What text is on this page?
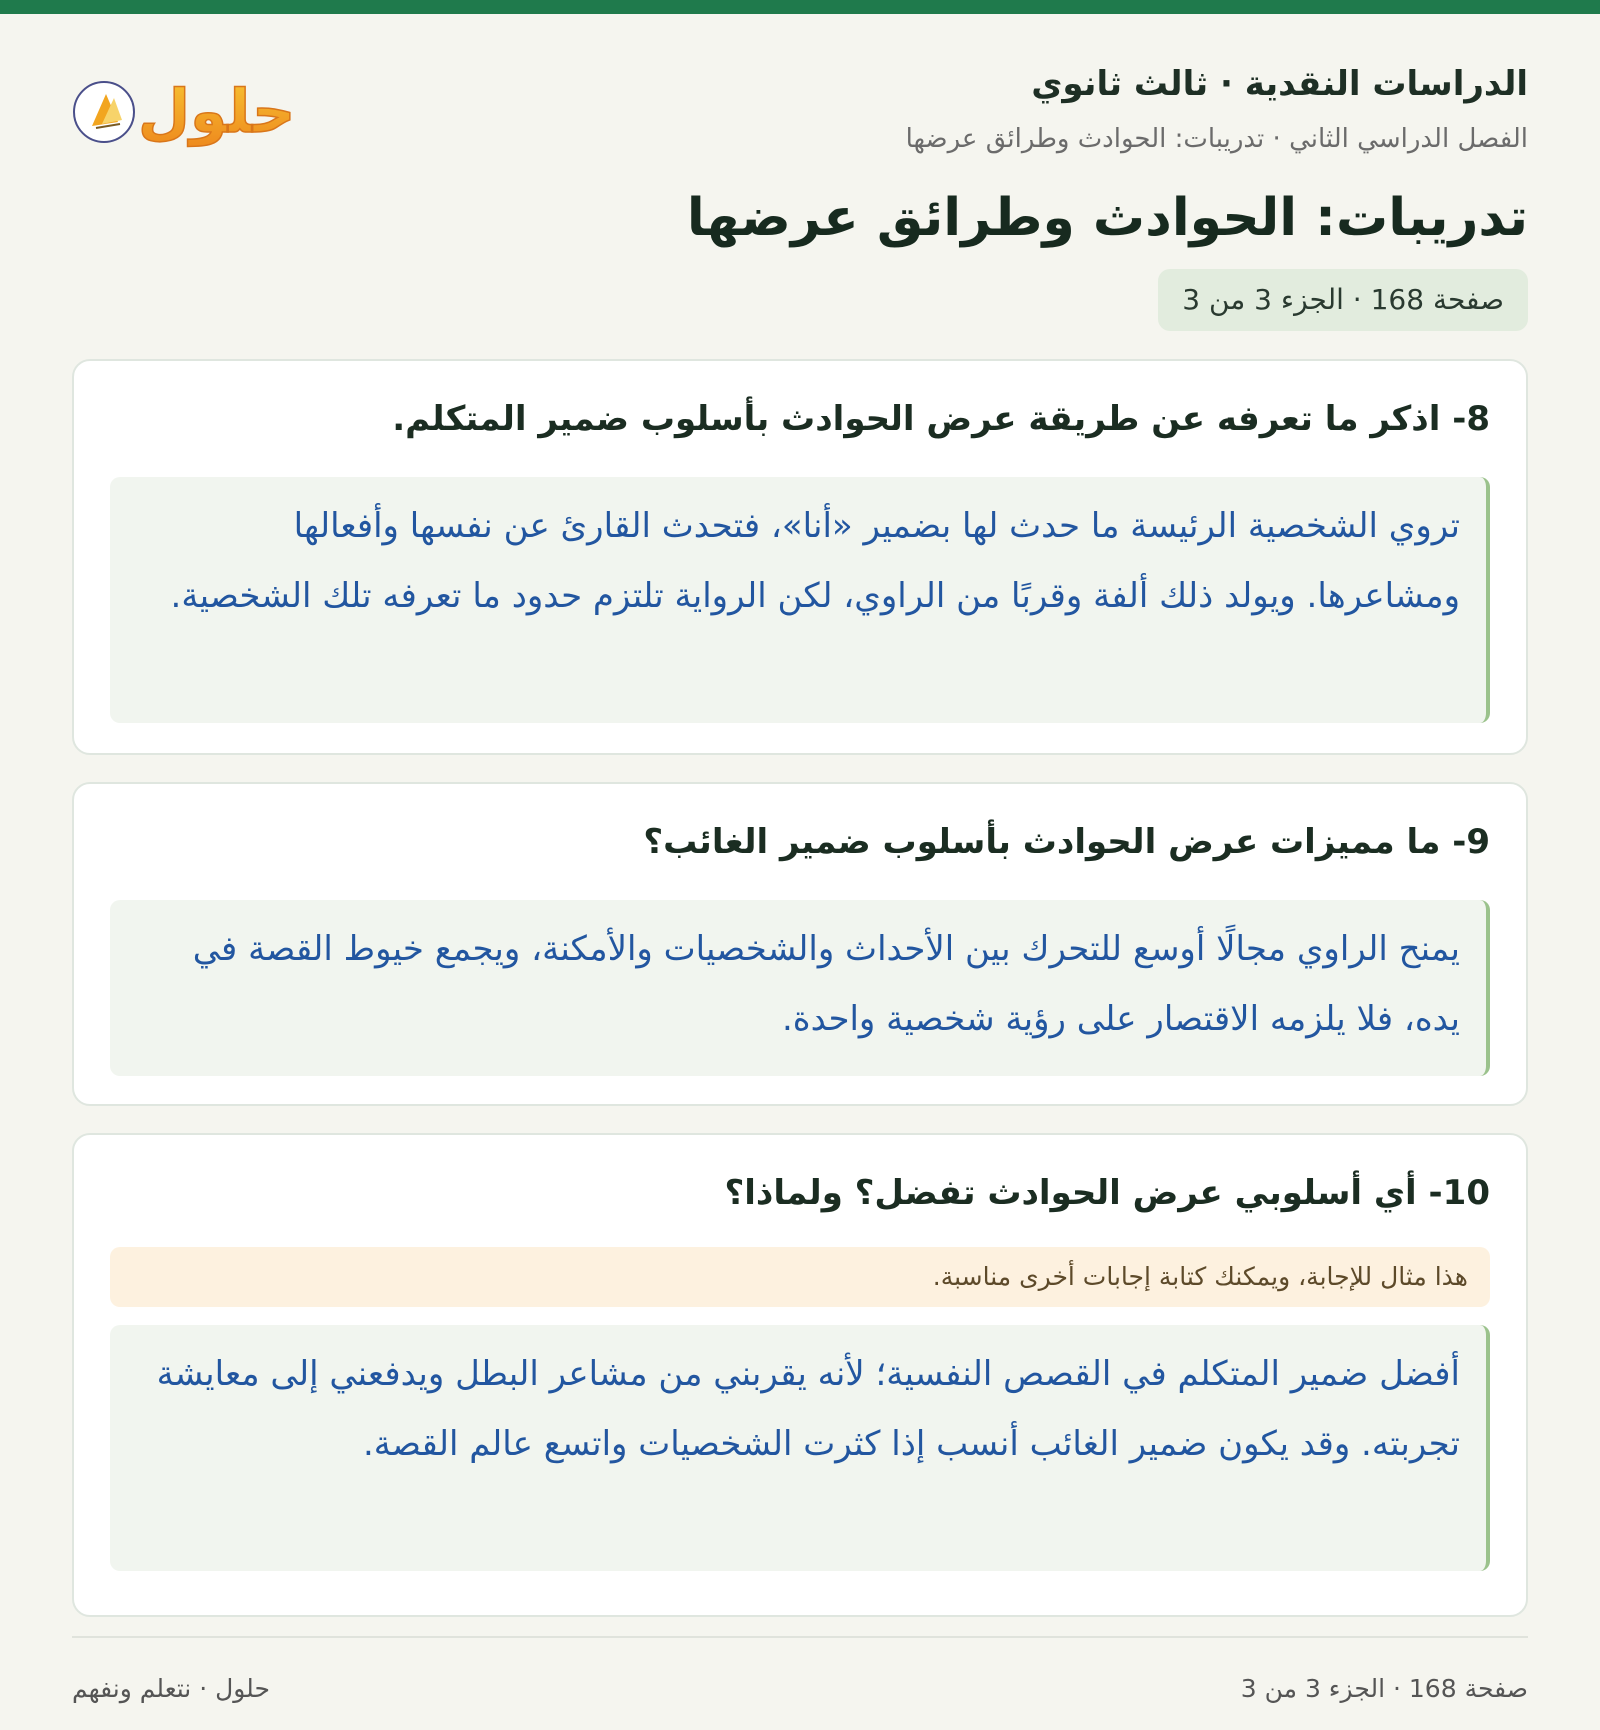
الدراسات النقدية · ثالث ثانوي
الفصل الدراسي الثاني · تدريبات: الحوادث وطرائق عرضها
حلول
تدريبات: الحوادث وطرائق عرضها
صفحة 168 · الجزء 3 من 3
8- اذكر ما تعرفه عن طريقة عرض الحوادث بأسلوب ضمير المتكلم.
تروي الشخصية الرئيسة ما حدث لها بضمير «أنا»، فتحدث القارئ عن نفسها وأفعالها ومشاعرها. ويولد ذلك ألفة وقربًا من الراوي، لكن الرواية تلتزم حدود ما تعرفه تلك الشخصية.
9- ما مميزات عرض الحوادث بأسلوب ضمير الغائب؟
يمنح الراوي مجالًا أوسع للتحرك بين الأحداث والشخصيات والأمكنة، ويجمع خيوط القصة في يده، فلا يلزمه الاقتصار على رؤية شخصية واحدة.
10- أي أسلوبي عرض الحوادث تفضل؟ ولماذا؟
هذا مثال للإجابة، ويمكنك كتابة إجابات أخرى مناسبة.
أفضل ضمير المتكلم في القصص النفسية؛ لأنه يقربني من مشاعر البطل ويدفعني إلى معايشة تجربته. وقد يكون ضمير الغائب أنسب إذا كثرت الشخصيات واتسع عالم القصة.
صفحة 168 · الجزء 3 من 3
حلول · نتعلم ونفهم
